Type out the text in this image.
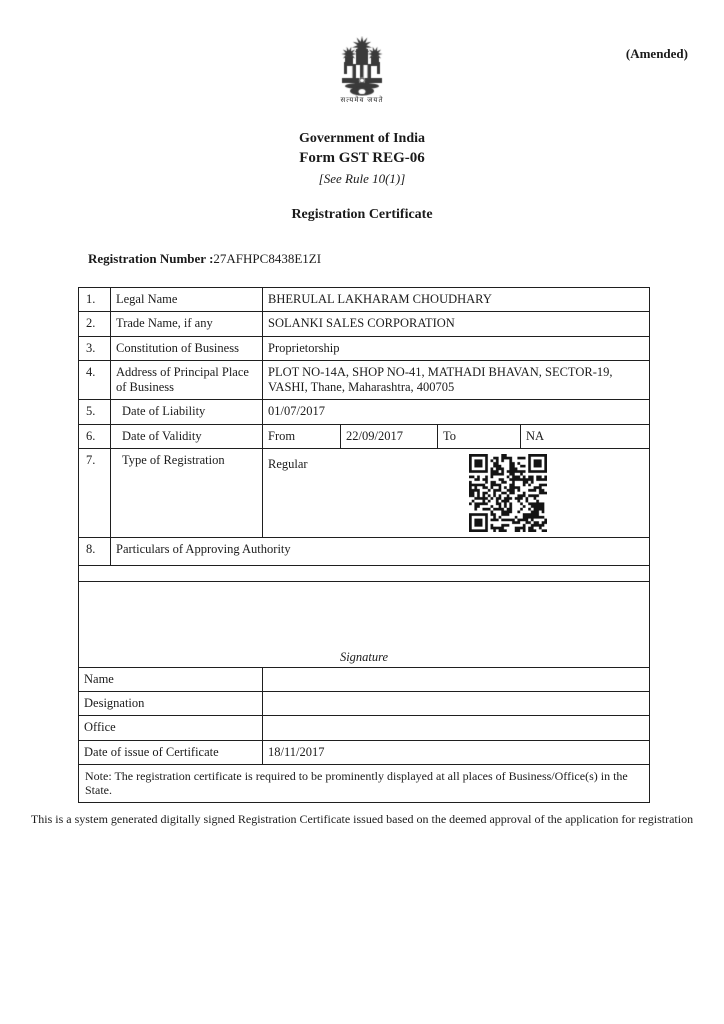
(Amended)
सत्यमेव जयते
Government of India
Form GST REG-06
[See Rule 10(1)]
Registration Certificate
Registration Number :27AFHPC8438E1ZI
1.	Legal Name	BHERULAL LAKHARAM CHOUDHARY			
2.	Trade Name, if any	SOLANKI SALES CORPORATION			
3.	Constitution of Business	Proprietorship			
4.	Address of Principal Place of Business	PLOT NO-14A, SHOP NO-41, MATHADI BHAVAN, SECTOR-19, VASHI, Thane, Maharashtra, 400705			
5.	Date of Liability	01/07/2017			
6.	Date of Validity	From	22/09/2017	To	NA
7.	Type of Registration	Regular			

8.	Particulars of Approving Authority				

Signature					

Name					
Designation					
Office					
Date of issue of Certificate		18/11/2017			
Note: The registration certificate is required to be prominently displayed at all places of Business/Office(s) in the State.					
This is a system generated digitally signed Registration Certificate issued based on the deemed approval of the application for registration
